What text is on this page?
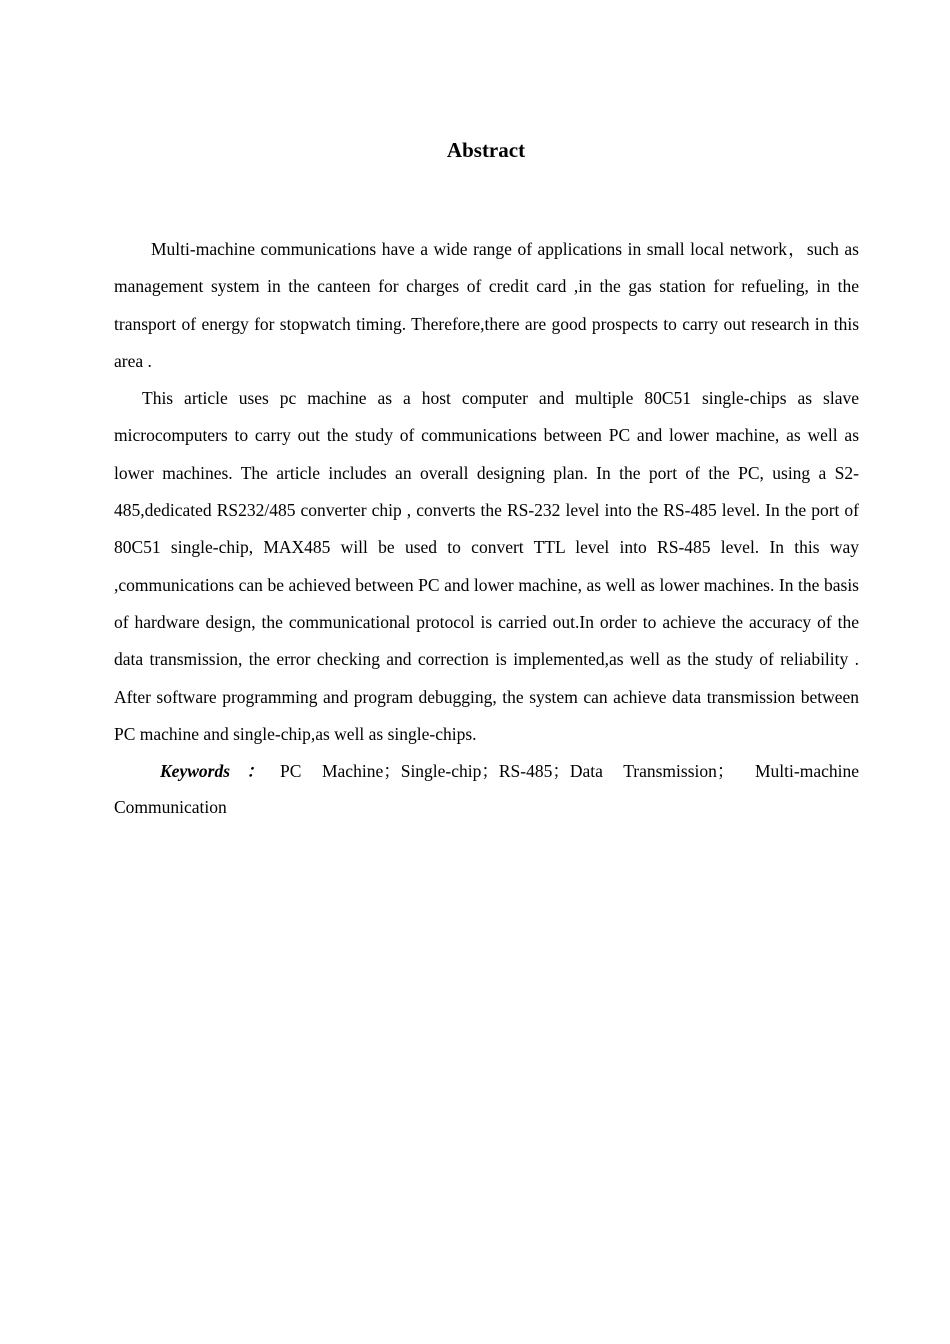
Abstract

Multi-machine communications have a wide range of applications in small local network，such as management system in the canteen for charges of credit card ,in the gas station for refueling, in the transport of energy for stopwatch timing. Therefore,there are good prospects to carry out research in this area .

This article uses pc machine as a host computer and multiple 80C51 single-chips as slave microcomputers to carry out the study of communications between PC and lower machine, as well as lower machines. The article includes an overall designing plan. In the port of the PC, using a S2-485,dedicated RS232/485 converter chip , converts the RS-232 level into the RS-485 level. In the port of 80C51 single-chip, MAX485 will be used to convert TTL level into RS-485 level. In this way ,communications can be achieved between PC and lower machine, as well as lower machines. In the basis of hardware design, the communicational protocol is carried out.In order to achieve the accuracy of the data transmission, the error checking and correction is implemented,as well as the study of reliability . After software programming and program debugging, the system can achieve data transmission between PC machine and single-chip,as well as single-chips.

Keywords：PC Machine；Single-chip；RS-485；Data Transmission； Multi-machine Communication
